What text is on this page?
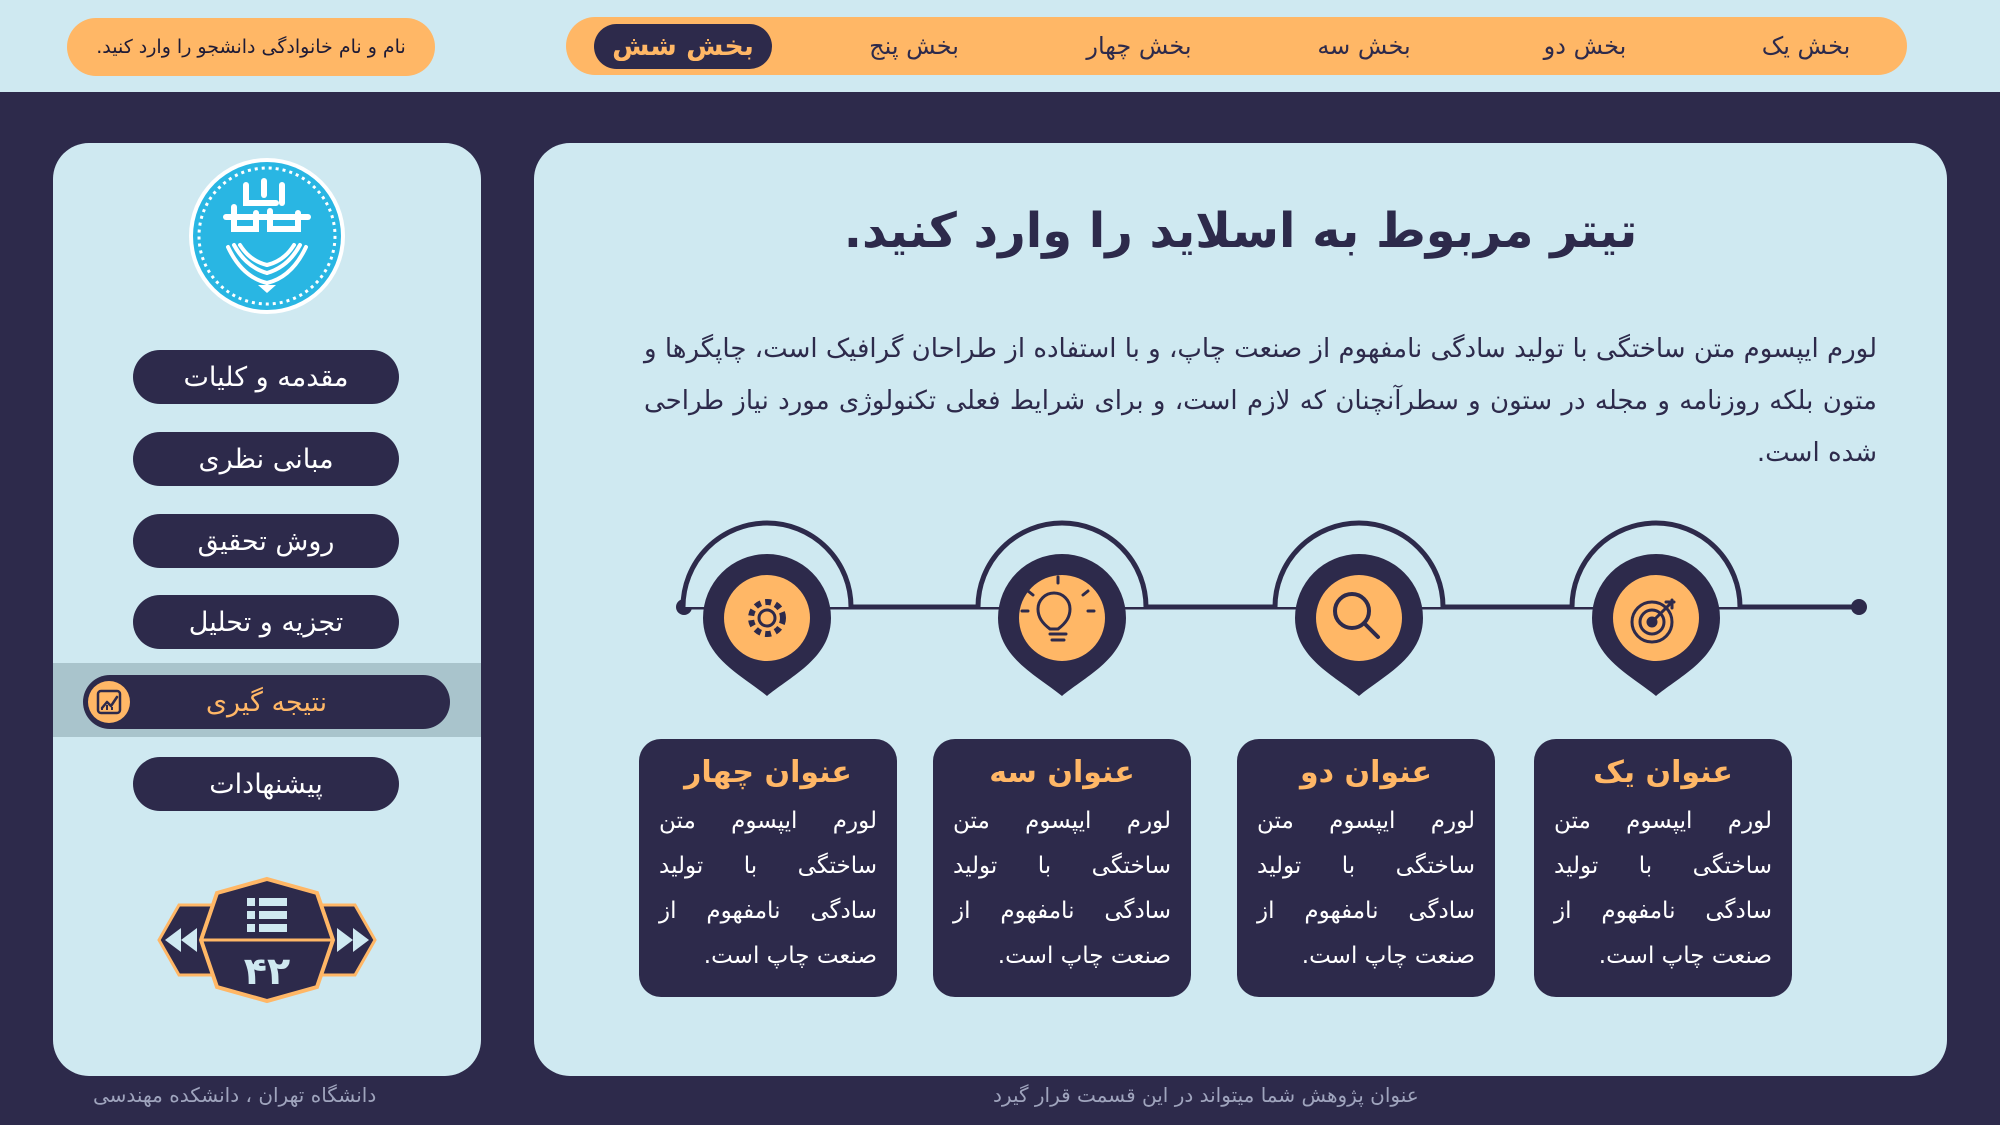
نام و نام خانوادگی دانشجو را وارد کنید.	بخش یک
بخش دو
بخش سه
بخش چهار
بخش پنج
بخش شش
مقدمه و کلیات
مبانی نظری
روش تحقیق
تجزیه و تحلیل
نتیجه گیری
پیشنهادات
۴۲
تیتر مربوط به اسلاید را وارد کنید.
لورم ایپسوم متن ساختگی با تولید سادگی نامفهوم از صنعت چاپ، و با استفاده از طراحان گرافیک است، چاپگرها و متون بلکه روزنامه و مجله در ستون و سطرآنچنان که لازم است، و برای شرایط فعلی تکنولوژی مورد نیاز طراحی شده است.
عنوان یک
لورم ایپسوم متن ساختگی با تولید سادگی نامفهوم از صنعت چاپ است.
عنوان دو
لورم ایپسوم متن ساختگی با تولید سادگی نامفهوم از صنعت چاپ است.
عنوان سه
لورم ایپسوم متن ساختگی با تولید سادگی نامفهوم از صنعت چاپ است.
عنوان چهار
لورم ایپسوم متن ساختگی با تولید سادگی نامفهوم از صنعت چاپ است.
عنوان پژوهش شما میتواند در این قسمت قرار گیرد
دانشگاه تهران ، دانشکده مهندسی
